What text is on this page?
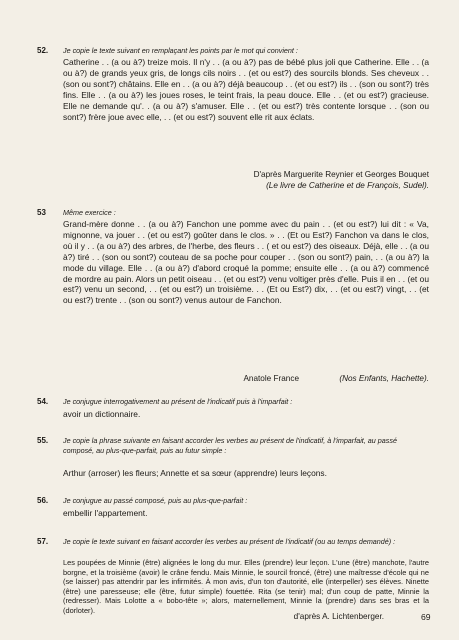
52. Je copie le texte suivant en remplaçant les points par le mot qui convient :
Catherine . . (a ou à?) treize mois. Il n'y . . (a ou à?) pas de bébé plus joli que Catherine. Elle . . (a ou à?) de grands yeux gris, de longs cils noirs . . (et ou est?) des sourcils blonds. Ses cheveux . . (son ou sont?) châtains. Elle en . . (a ou à?) déjà beaucoup . . (et ou est?) ils . . (son ou sont?) très fins. Elle . . (a ou à?) les joues roses, le teint frais, la peau douce. Elle . . (et ou est?) gracieuse. Elle ne demande qu'. . (a ou à?) s'amuser. Elle . . (et ou est?) très contente lorsque . . (son ou sont?) frère joue avec elle, . . (et ou est?) souvent elle rit aux éclats.
D'après Marguerite Reynier et Georges Bouquet
(Le livre de Catherine et de François, Sudel).
53 Même exercice :
Grand-mère donne . . (a ou à?) Fanchon une pomme avec du pain . . (et ou est?) lui dit : « Va, mignonne, va jouer . . (et ou est?) goûter dans le clos. » . . (Et ou Est?) Fanchon va dans le clos, où il y . . (a ou à?) des arbres, de l'herbe, des fleurs . . ( et ou est?) des oiseaux. Déjà, elle . . (a ou à?) tiré . . (son ou sont?) couteau de sa poche pour couper . . (son ou sont?) pain, . . (a ou à?) la mode du village. Elle . . (a ou à?) d'abord croqué la pomme; ensuite elle . . (a ou à?) commencé de mordre au pain. Alors un petit oiseau . . (et ou est?) venu voltiger près d'elle. Puis il en . . (et ou est?) venu un second, . . (et ou est?) un troisième. . . (Et ou Est?) dix, . . (et ou est?) vingt, . . (et ou est?) trente . . (son ou sont?) venus autour de Fanchon.
Anatole France	(Nos Enfants, Hachette).
54. Je conjugue interrogativement au présent de l'indicatif puis à l'imparfait :
avoir un dictionnaire.
55. Je copie la phrase suivante en faisant accorder les verbes au présent de l'indicatif, à l'imparfait, au passé composé, au plus-que-parfait, puis au futur simple :
Arthur (arroser) les fleurs; Annette et sa sœur (apprendre) leurs leçons.
56. Je conjugue au passé composé, puis au plus-que-parfait :
embellir l'appartement.
57. Je copie le texte suivant en faisant accorder les verbes au présent de l'indicatif (ou au temps demandé) :
Les poupées de Minnie (être) alignées le long du mur. Elles (prendre) leur leçon. L'une (être) manchote, l'autre borgne, et la troisième (avoir) le crâne fendu. Mais Minnie, le sourcil froncé, (être) une maîtresse d'école qui ne (se laisser) pas attendrir par les infirmités. À mon avis, d'un ton d'autorité, elle (interpeller) ses élèves. Ninette (être) une paresseuse; elle (être, futur simple) fouettée. Rita (se tenir) mal; d'un coup de patte, Minnie la (redresser). Mais Lolotte a « bobo-tête »; alors, maternellement, Minnie la (prendre) dans ses bras et la (dorloter).
d'après A. Lichtenberger.	69
